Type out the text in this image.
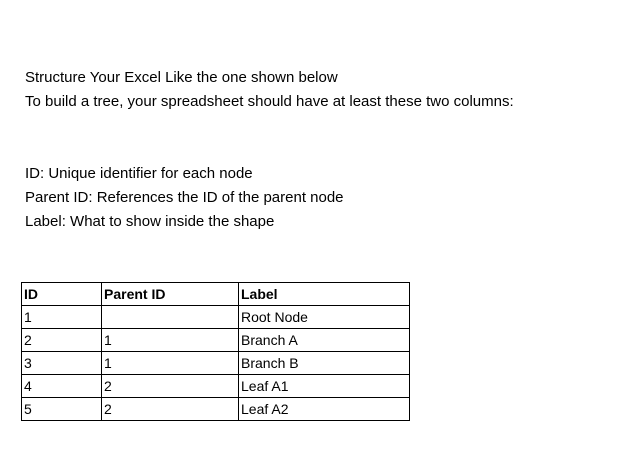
Structure Your Excel Like the one shown below
To build a tree, your spreadsheet should have at least these two columns:
ID: Unique identifier for each node
Parent ID: References the ID of the parent node
Label: What to show inside the shape
ID	Parent ID	Label
1		Root Node
2	1	Branch A
3	1	Branch B
4	2	Leaf A1
5	2	Leaf A2
